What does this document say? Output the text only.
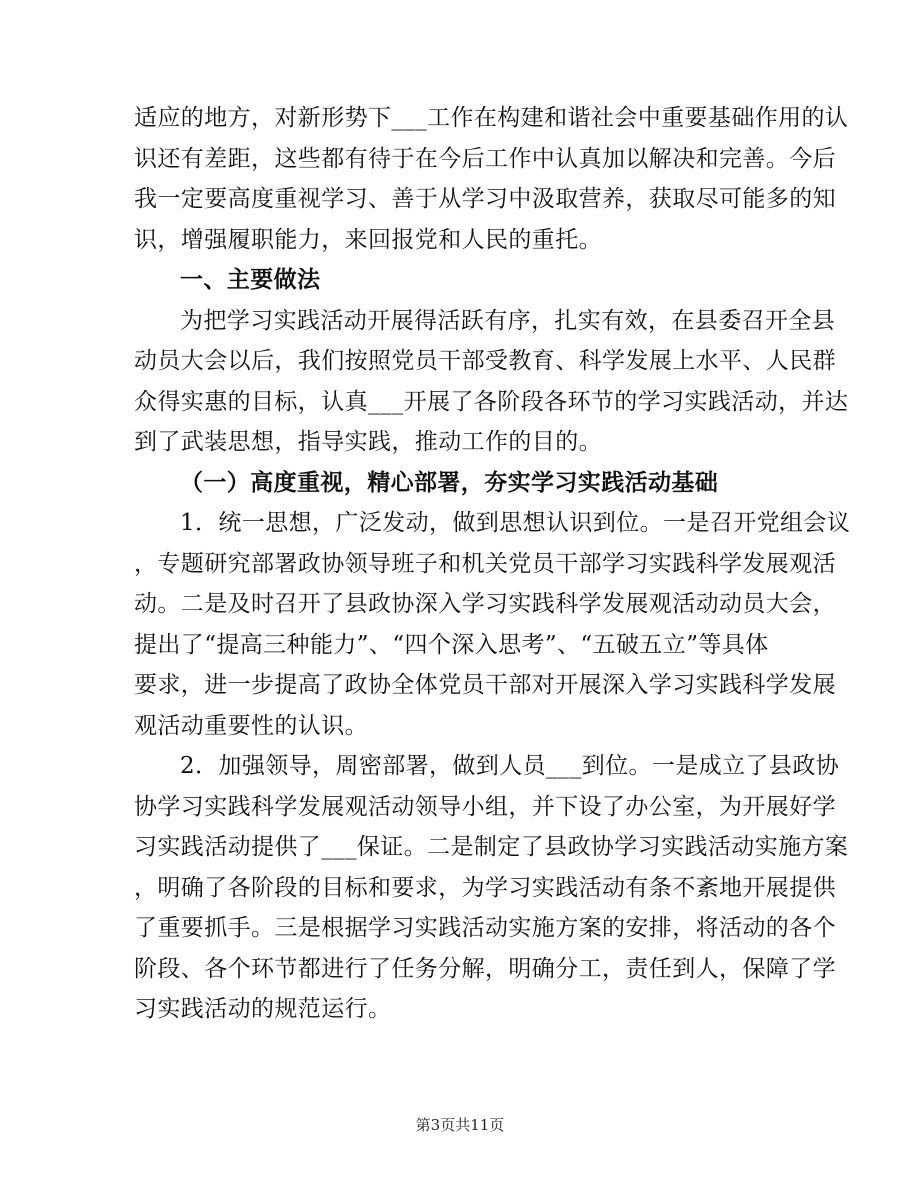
适应的地方，对新形势下___工作在构建和谐社会中重要基础作用的认
识还有差距，这些都有待于在今后工作中认真加以解决和完善。今后
我一定要高度重视学习、善于从学习中汲取营养，获取尽可能多的知
识，增强履职能力，来回报党和人民的重托。
一、主要做法
为把学习实践活动开展得活跃有序，扎实有效，在县委召开全县
动员大会以后，我们按照党员干部受教育、科学发展上水平、人民群
众得实惠的目标，认真___开展了各阶段各环节的学习实践活动，并达
到了武装思想，指导实践，推动工作的目的。
（一）高度重视，精心部署，夯实学习实践活动基础
1．统一思想，广泛发动，做到思想认识到位。一是召开党组会议
，专题研究部署政协领导班子和机关党员干部学习实践科学发展观活
动。二是及时召开了县政协深入学习实践科学发展观活动动员大会，
提出了“提高三种能力”、“四个深入思考”、“五破五立”等具体
要求，进一步提高了政协全体党员干部对开展深入学习实践科学发展
观活动重要性的认识。
2．加强领导，周密部署，做到人员___到位。一是成立了县政协
协学习实践科学发展观活动领导小组，并下设了办公室，为开展好学
习实践活动提供了___保证。二是制定了县政协学习实践活动实施方案
，明确了各阶段的目标和要求，为学习实践活动有条不紊地开展提供
了重要抓手。三是根据学习实践活动实施方案的安排，将活动的各个
阶段、各个环节都进行了任务分解，明确分工，责任到人，保障了学
习实践活动的规范运行。
第3页共11页
